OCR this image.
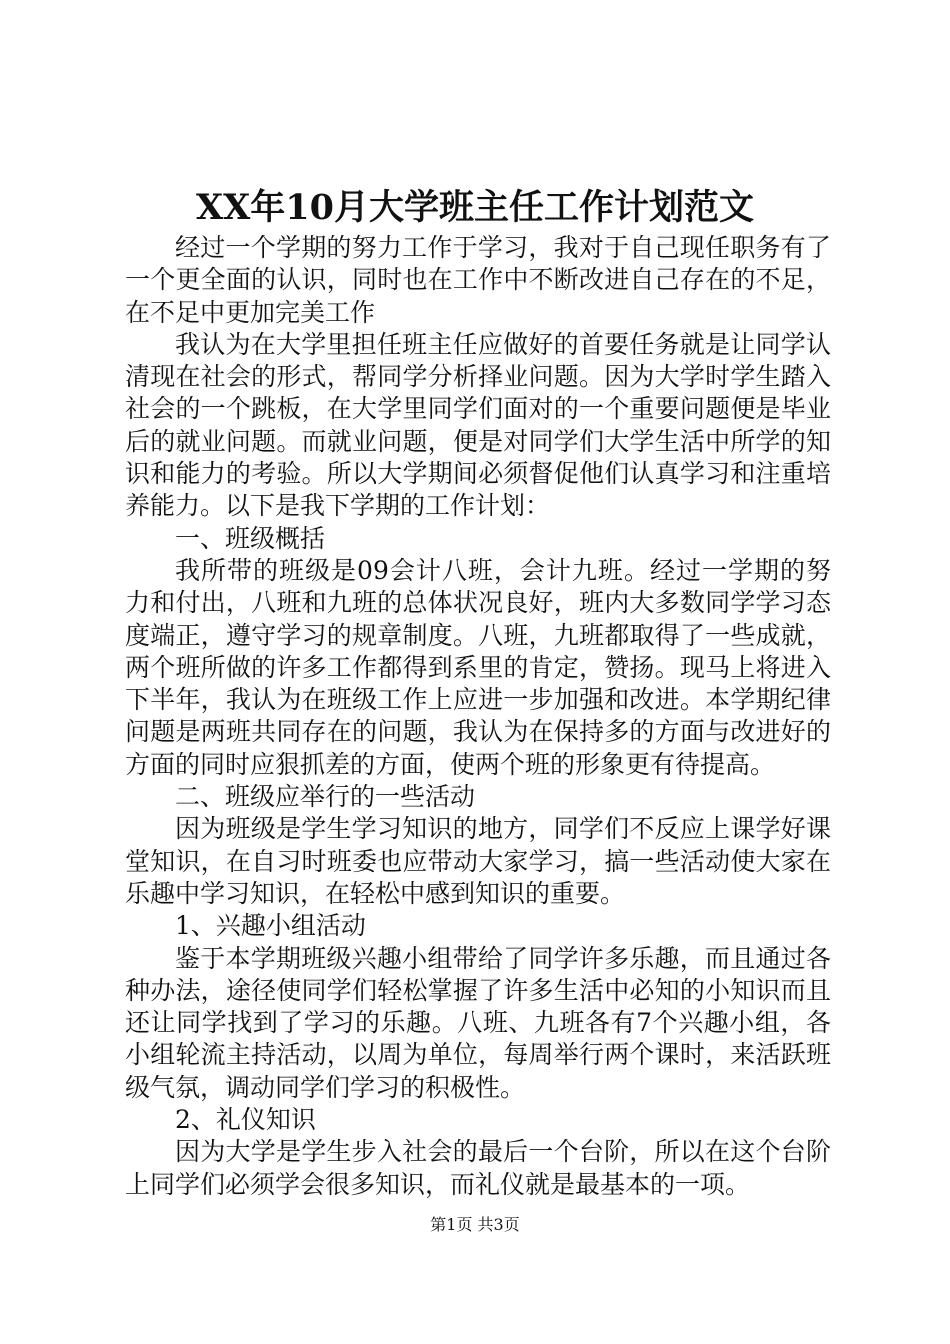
XX年10月大学班主任工作计划范文

经过一个学期的努力工作于学习，我对于自己现任职务有了一个更全面的认识，同时也在工作中不断改进自己存在的不足，在不足中更加完美工作

我认为在大学里担任班主任应做好的首要任务就是让同学认清现在社会的形式，帮同学分析择业问题。因为大学时学生踏入社会的一个跳板，在大学里同学们面对的一个重要问题便是毕业后的就业问题。而就业问题，便是对同学们大学生活中所学的知识和能力的考验。所以大学期间必须督促他们认真学习和注重培养能力。以下是我下学期的工作计划：

一、班级概括

我所带的班级是09会计八班，会计九班。经过一学期的努力和付出，八班和九班的总体状况良好，班内大多数同学学习态度端正，遵守学习的规章制度。八班，九班都取得了一些成就，两个班所做的许多工作都得到系里的肯定，赞扬。现马上将进入下半年，我认为在班级工作上应进一步加强和改进。本学期纪律问题是两班共同存在的问题，我认为在保持多的方面与改进好的方面的同时应狠抓差的方面，使两个班的形象更有待提高。

二、班级应举行的一些活动

因为班级是学生学习知识的地方，同学们不反应上课学好课堂知识，在自习时班委也应带动大家学习，搞一些活动使大家在乐趣中学习知识，在轻松中感到知识的重要。

1、兴趣小组活动

鉴于本学期班级兴趣小组带给了同学许多乐趣，而且通过各种办法，途径使同学们轻松掌握了许多生活中必知的小知识而且还让同学找到了学习的乐趣。八班、九班各有7个兴趣小组，各小组轮流主持活动，以周为单位，每周举行两个课时，来活跃班级气氛，调动同学们学习的积极性。

2、礼仪知识

因为大学是学生步入社会的最后一个台阶，所以在这个台阶上同学们必须学会很多知识，而礼仪就是最基本的一项。

第1页 共3页
